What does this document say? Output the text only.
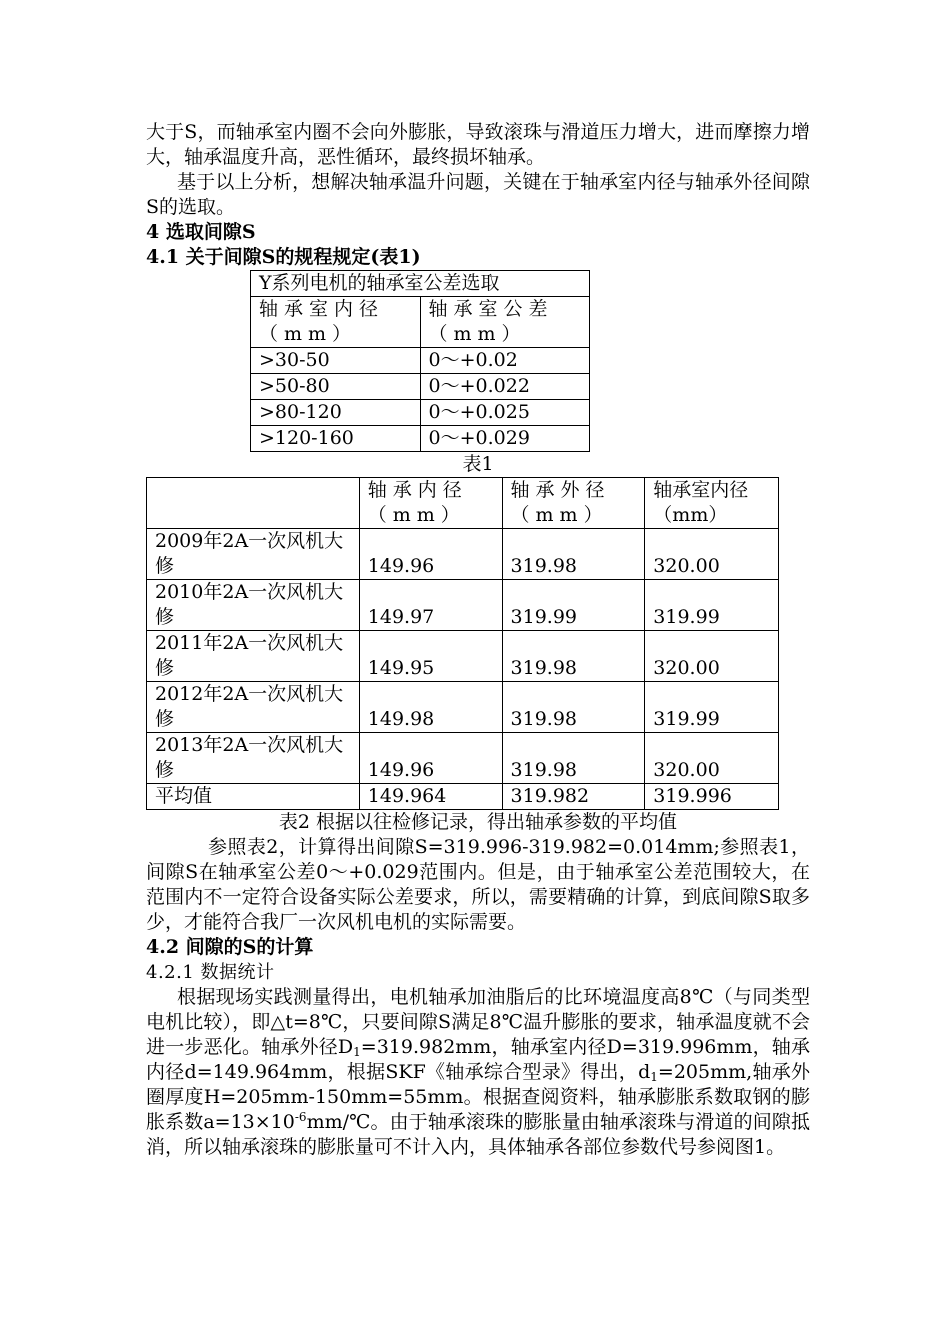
大于S，而轴承室内圈不会向外膨胀，导致滚珠与滑道压力增大，进而摩擦力增大，轴承温度升高，恶性循环，最终损坏轴承。

基于以上分析，想解决轴承温升问题，关键在于轴承室内径与轴承外径间隙S的选取。

4 选取间隙S

4.1 关于间隙S的规程规定(表1)

Y系列电机的轴承室公差选取	
轴承室内径（mm）	轴承室公差（mm）
>30-50	0～+0.02
>50-80	0～+0.022
>80-120	0～+0.025
>120-160	0～+0.029

表1

	轴承内径（mm）	轴承外径（mm）	轴承室内径（mm）
2009年2A一次风机大修	149.96	319.98	320.00
2010年2A一次风机大修	149.97	319.99	319.99
2011年2A一次风机大修	149.95	319.98	320.00
2012年2A一次风机大修	149.98	319.98	319.99
2013年2A一次风机大修	149.96	319.98	320.00
平均值	149.964	319.982	319.996

表2 根据以往检修记录，得出轴承参数的平均值

参照表2，计算得出间隙S=319.996-319.982=0.014mm;参照表1，间隙S在轴承室公差0～+0.029范围内。但是，由于轴承室公差范围较大，在范围内不一定符合设备实际公差要求，所以，需要精确的计算，到底间隙S取多少，才能符合我厂一次风机电机的实际需要。

4.2 间隙的S的计算

4.2.1 数据统计

根据现场实践测量得出，电机轴承加油脂后的比环境温度高8℃（与同类型电机比较），即△t=8℃，只要间隙S满足8℃温升膨胀的要求，轴承温度就不会进一步恶化。轴承外径$D_1=319.982mm$，轴承室内径D=319.996mm，轴承内径d=149.964mm，根据SKF《轴承综合型录》得出，$d_1=205mm$,轴承外圈厚度H=205mm-150mm=55mm。根据查阅资料，轴承膨胀系数取钢的膨胀系数$a=13\times 10^{-6}mm/℃$。由于轴承滚珠的膨胀量由轴承滚珠与滑道的间隙抵消，所以轴承滚珠的膨胀量可不计入内，具体轴承各部位参数代号参阅图1。
